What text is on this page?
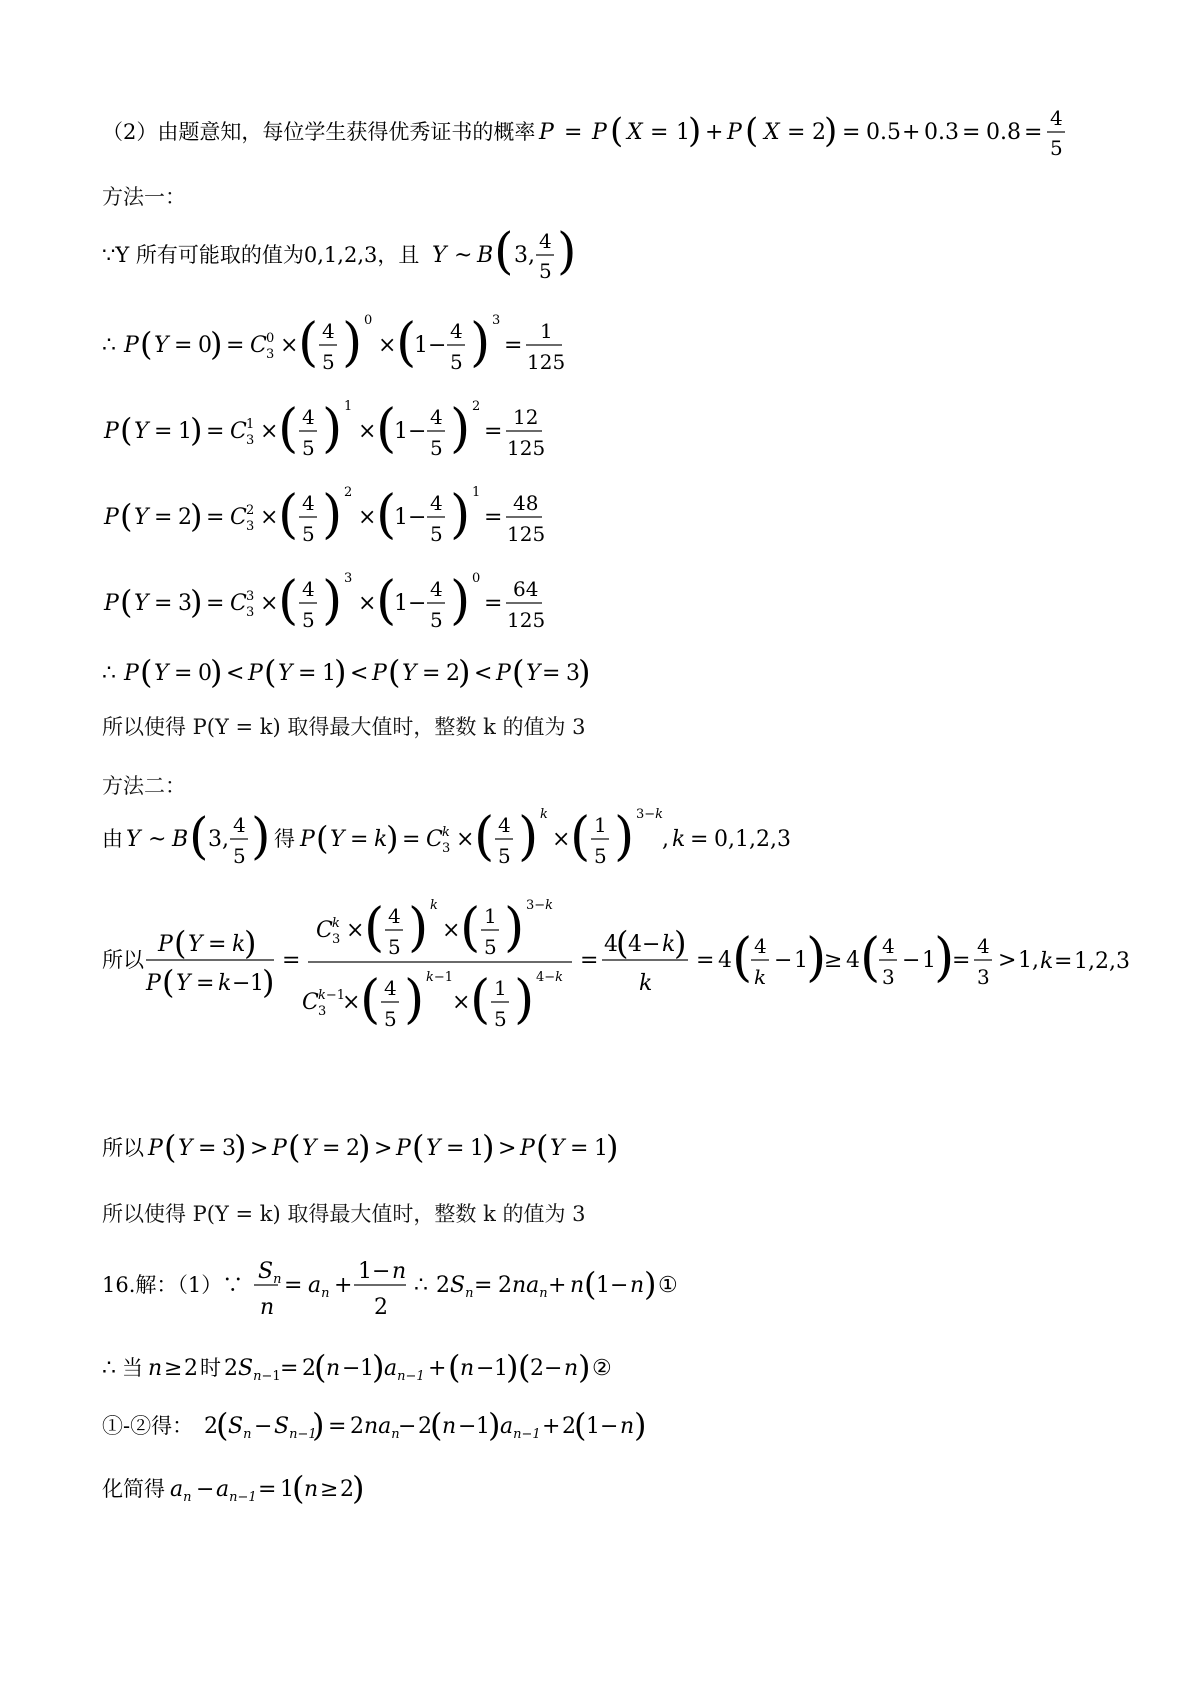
（2）由题意知，每位学生获得优秀证书的概率 P = P ( X = 1
) + P ( X = 2
) = 0.5 + 0.3 = 0.8 =
4
5
方法一：
∵Y 所有可能取的值为0,1,2,3，且 Y ~ B ( 3,
4
5 )
∴ P ( Y = 0
) = C 0
3 × ( 4
5 ) 0
× (
1 −
4
5 ) 3
=
1
125
P ( Y = 1
) = C 1
3 × ( 4
5 ) 1
× (
1 −
4
5 ) 2
=
12
125
P ( Y = 2
) = C 2
3 × ( 4
5 ) 2
× (
1 −
4
5 ) 1
=
48
125
P ( Y = 3
) = C 3
3 × ( 4
5 ) 3
× (
1 −
4
5 ) 0
=
64
125
∴ P ( Y = 0
) < P ( Y = 1
) < P ( Y = 2
) < P ( Y = 3
)
所以使得 P(Y = k) 取得最大值时，整数 k 的值为 3
方法二：
由 Y ~ B ( 3,
4
5 ) 得 P ( Y = k
) = C k
3 × ( 4
5 ) k
× ( 1
5 ) 3−k
, k = 0,1,2,3
所以
P ( Y = k
)
P ( Y = k − 1
)
=
C k
3 × ( 4
5 ) k
× ( 1
5 ) 3−k
C k−1
3 × ( 4
5 ) k−1
× ( 1
5 ) 4−k
=
4
( 4 − k
)
k
= 4 ( 4
k
− 1
)
≥ 4 ( 4
3
− 1
)
=
4
3
> 1, k = 1,2,3
所以 P ( Y = 3
) > P ( Y = 2
) > P ( Y = 1
) > P ( Y = 1
)
所以使得 P(Y = k) 取得最大值时，整数 k 的值为 3
16.解：（1）∵
$S_n$
n
= $a_n$ +
1 − n
2
∴ $2S_n = 2na_n + n$ ( 1 − n ) ①
∴ 当 n ≥ 2 时 $2S_{n-1} = 2$
( n − 1
) $a_{n-1}$ + ( n − 1
) ( 2 − n ) ②
①-②得： 2
( $S_n - S_{n-1}$
) = $2na_n$
− 2
( n − 1
) $a_{n-1} + 2$
( 1 − n )
化简得 $a_n - a_{n-1} = 1$
( n ≥ 2
)
